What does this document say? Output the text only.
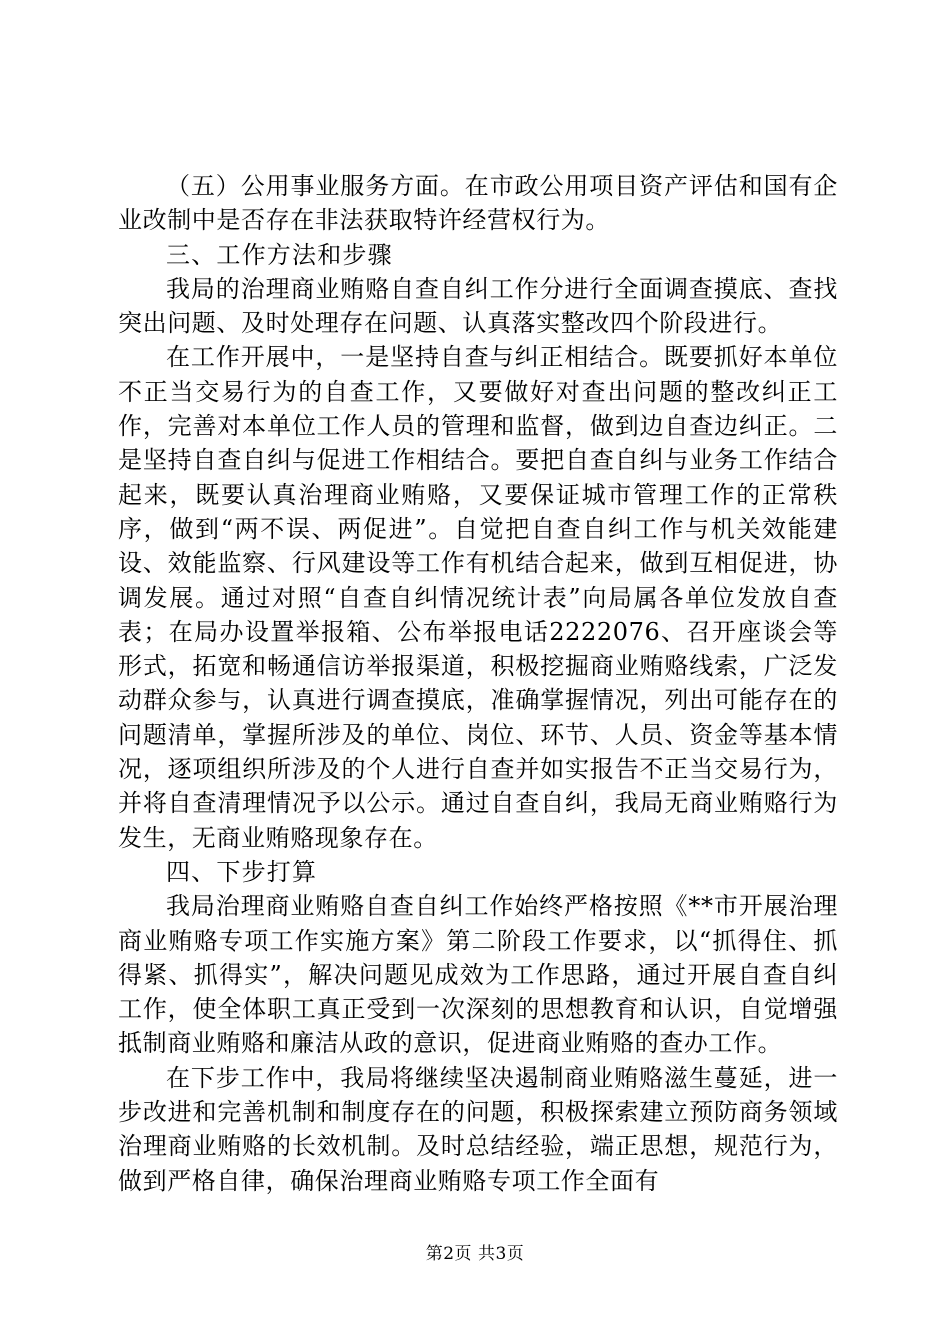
（五）公用事业服务方面。在市政公用项目资产评估和国有企业改制中是否存在非法获取特许经营权行为。

三、工作方法和步骤

我局的治理商业贿赂自查自纠工作分进行全面调查摸底、查找突出问题、及时处理存在问题、认真落实整改四个阶段进行。

在工作开展中，一是坚持自查与纠正相结合。既要抓好本单位不正当交易行为的自查工作，又要做好对查出问题的整改纠正工作，完善对本单位工作人员的管理和监督，做到边自查边纠正。二是坚持自查自纠与促进工作相结合。要把自查自纠与业务工作结合起来，既要认真治理商业贿赂，又要保证城市管理工作的正常秩序，做到“两不误、两促进”。自觉把自查自纠工作与机关效能建设、效能监察、行风建设等工作有机结合起来，做到互相促进，协调发展。通过对照“自查自纠情况统计表”向局属各单位发放自查表；在局办设置举报箱、公布举报电话2222076、召开座谈会等形式，拓宽和畅通信访举报渠道，积极挖掘商业贿赂线索，广泛发动群众参与，认真进行调查摸底，准确掌握情况，列出可能存在的问题清单，掌握所涉及的单位、岗位、环节、人员、资金等基本情况，逐项组织所涉及的个人进行自查并如实报告不正当交易行为，并将自查清理情况予以公示。通过自查自纠，我局无商业贿赂行为发生，无商业贿赂现象存在。

四、下步打算

我局治理商业贿赂自查自纠工作始终严格按照《**市开展治理商业贿赂专项工作实施方案》第二阶段工作要求，以“抓得住、抓得紧、抓得实”，解决问题见成效为工作思路，通过开展自查自纠工作，使全体职工真正受到一次深刻的思想教育和认识，自觉增强抵制商业贿赂和廉洁从政的意识，促进商业贿赂的查办工作。

在下步工作中，我局将继续坚决遏制商业贿赂滋生蔓延，进一步改进和完善机制和制度存在的问题，积极探索建立预防商务领域治理商业贿赂的长效机制。及时总结经验，端正思想，规范行为，做到严格自律，确保治理商业贿赂专项工作全面有

第2页 共3页
